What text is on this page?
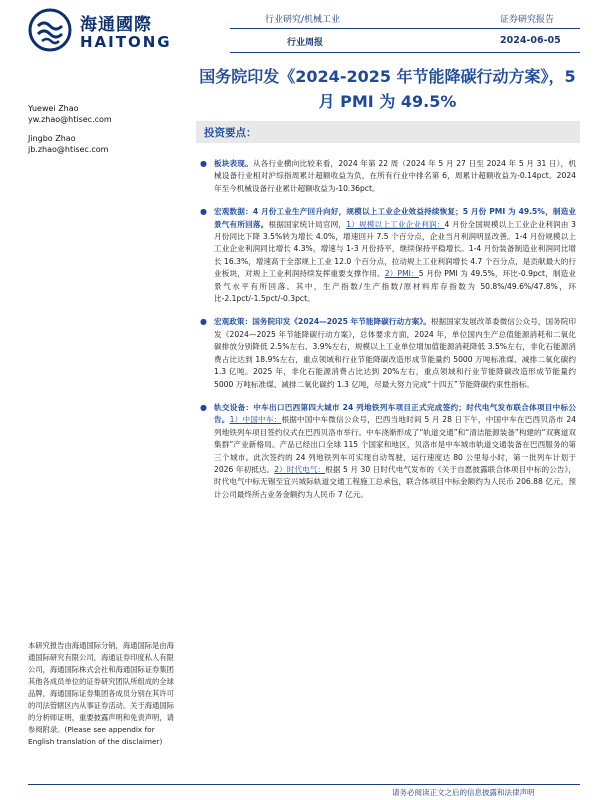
海通國際
HAITONG
行业研究/机械工业	证券研究报告
行业周报	2024-06-05
国务院印发《2024-2025 年节能降碳行动方案》，5 月 PMI 为 49.5%
Yuewei Zhao
yw.zhao@htisec.com
Jingbo Zhao
jb.zhao@htisec.com
投资要点：
● 板块表现。从各行业横向比较来看，2024 年第 22 周（2024 年 5 月 27 日至 2024 年 5 月 31 日），机械设备行业相对沪综指周累计超额收益为负，在所有行业中排名第 6，周累计超额收益为-0.14pct。2024 年至今机械设备行业累计超额收益为-10.36pct。
● 宏观数据：4 月份工业生产回升向好，规模以上工业企业效益持续恢复；5 月份 PMI 为 49.5%，制造业景气有所回落。根据国家统计局官网，1）规模以上工业企业利润：4 月份全国规模以上工业企业利润由 3 月份同比下降 3.5%转为增长 4.0%，增速回升 7.5 个百分点，企业当月利润明显改善。1-4 月份规模以上工业企业利润同比增长 4.3%，增速与 1-3 月份持平，继续保持平稳增长。1-4 月份装备制造业利润同比增长 16.3%，增速高于全部规上工业 12.0 个百分点，拉动规上工业利润增长 4.7 个百分点，是贡献最大的行业板块，对规上工业利润持续发挥重要支撑作用。2）PMI：5 月份 PMI 为 49.5%，环比-0.9pct，制造业景气水平有所回落。其中，生产指数/生产指数/原材料库存指数为 50.8%/49.6%/47.8%，环比-2.1pct/-1.5pct/-0.3pct。
● 宏观政策：国务院印发《2024—2025 年节能降碳行动方案》。根据国家发展改革委微信公众号，国务院印发《2024—2025 年节能降碳行动方案》，总体要求方面，2024 年，单位国内生产总值能源消耗和二氧化碳排放分别降低 2.5%左右、3.9%左右，规模以上工业单位增加值能源消耗降低 3.5%左右，非化石能源消费占比达到 18.9%左右，重点领域和行业节能降碳改造形成节能量约 5000 万吨标准煤、减排二氧化碳约 1.3 亿吨。2025 年，非化石能源消费占比达到 20%左右，重点领域和行业节能降碳改造形成节能量约 5000 万吨标准煤、减排二氧化碳约 1.3 亿吨，尽最大努力完成“十四五”节能降碳约束性指标。
● 轨交设备：中车出口巴西第四大城市 24 列地铁列车项目正式完成签约；时代电气发布联合体项目中标公告。1）中国中车：根据中国中车微信公众号，巴西当地时间 5 月 28 日下午，中国中车在巴西贝洛市 24 列地铁列车项目签约仪式在巴西贝洛市举行。中车浇渐形成了“轨道交通”和“清洁能源装备”构建的“双赛道双集群”产业新格局。产品已经出口全球 115 个国家和地区，贝洛市是中车城市轨道交通装备在巴西服务的第三个城市。此次签约的 24 列地铁列车可实现自动驾驶，运行速度达 80 公里每小时，第一批列车计划于 2026 年初抵达。2）时代电气：根据 5 月 30 日时代电气发布的《关于自愿披露联合体项目中标的公告》，时代电气中标无锡至宜兴城际轨道交通工程施工总承包，联合体项目中标金额约为人民币 206.88 亿元，预计公司最终所占业务金额约为人民币 7 亿元。
本研究报告由海通国际分销，海通国际是由海通国际研究有限公司，海通证券印度私人有限公司，海通国际株式会社和海通国际证券集团其他各成员单位的证券研究团队所组成的全球品牌，海通国际证券集团各成员分别在其许可的司法管辖区内从事证券活动。关于海通国际的分析师证明，重要披露声明和免责声明，请参阅附录。(Please see appendix for English translation of the disclaimer)
请务必阅读正文之后的信息披露和法律声明
